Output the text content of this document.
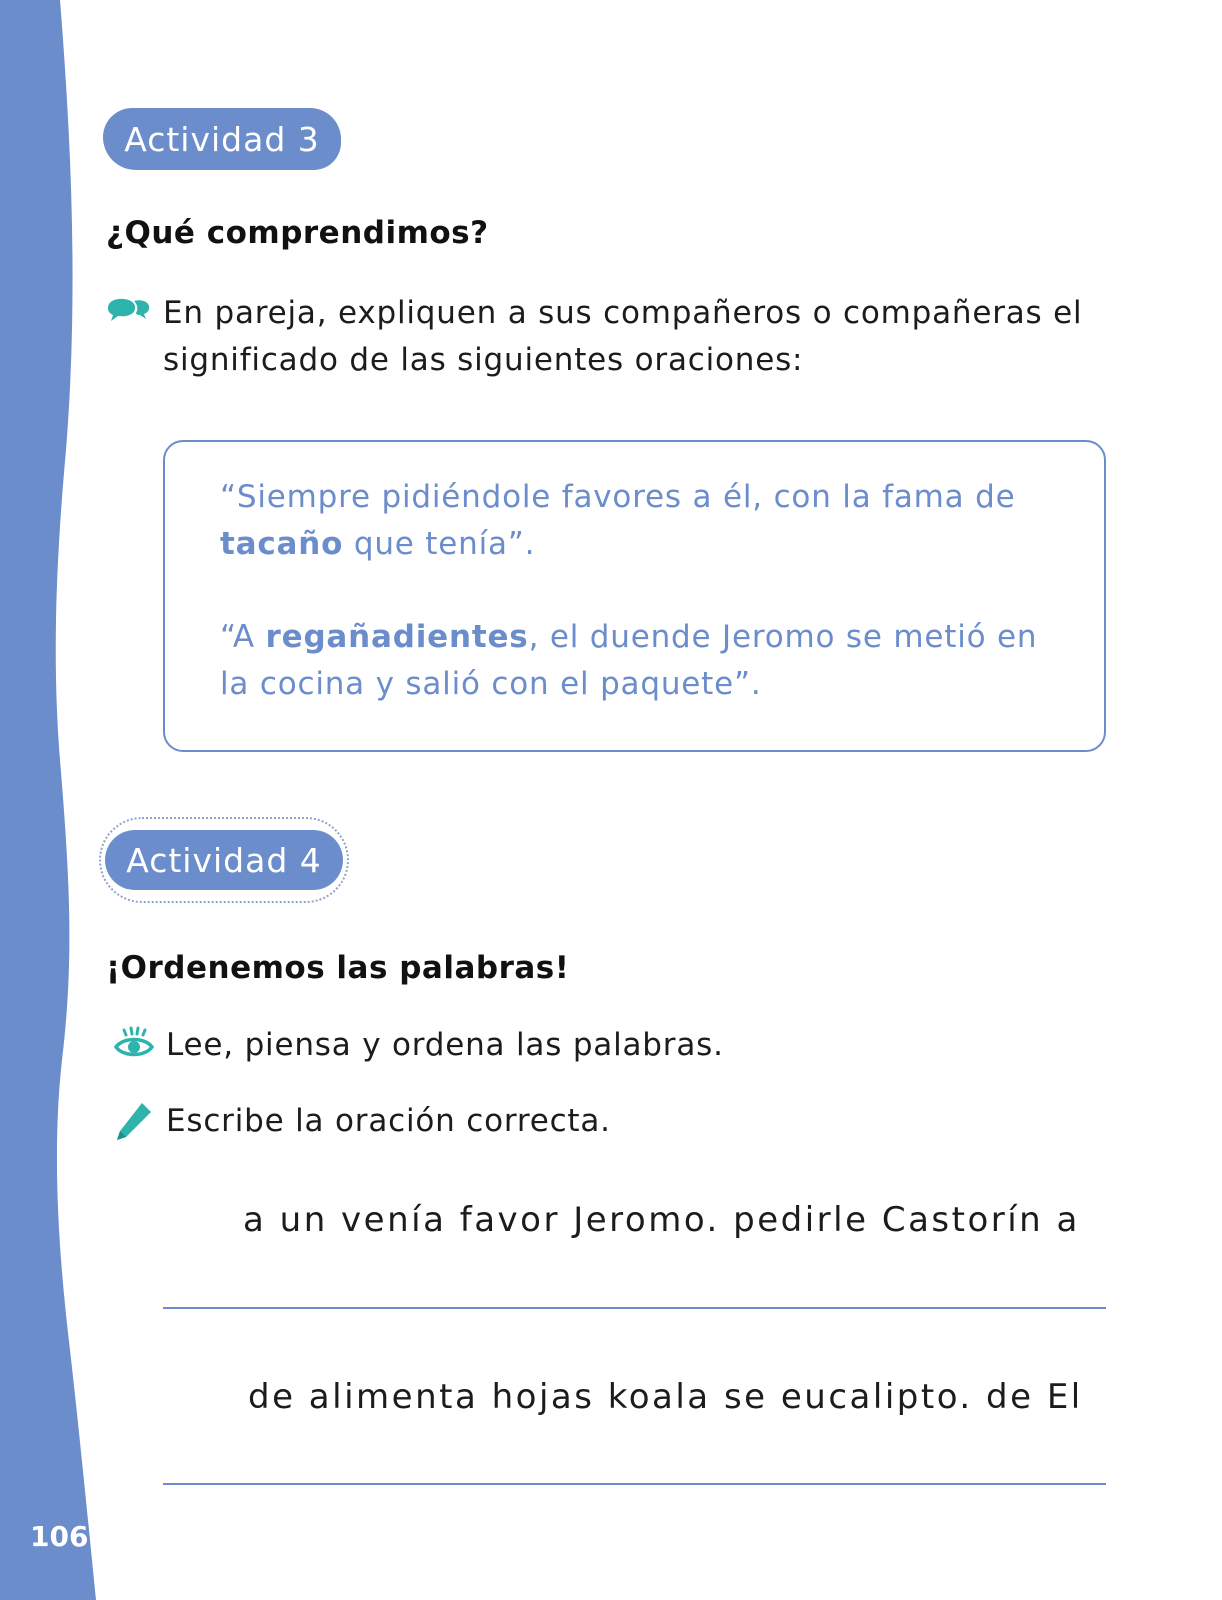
106
Actividad 3
¿Qué comprendimos?
En pareja, expliquen a sus compañeros o compañeras el significado de las siguientes oraciones:
“Siempre pidiéndole favores a él, con la fama de tacaño que tenía”.
“A regañadientes, el duende Jeromo se metió en la cocina y salió con el paquete”.
Actividad 4
¡Ordenemos las palabras!
Lee, piensa y ordena las palabras.
Escribe la oración correcta.
a un venía favor Jeromo. pedirle Castorín a
de alimenta hojas koala se eucalipto. de El
